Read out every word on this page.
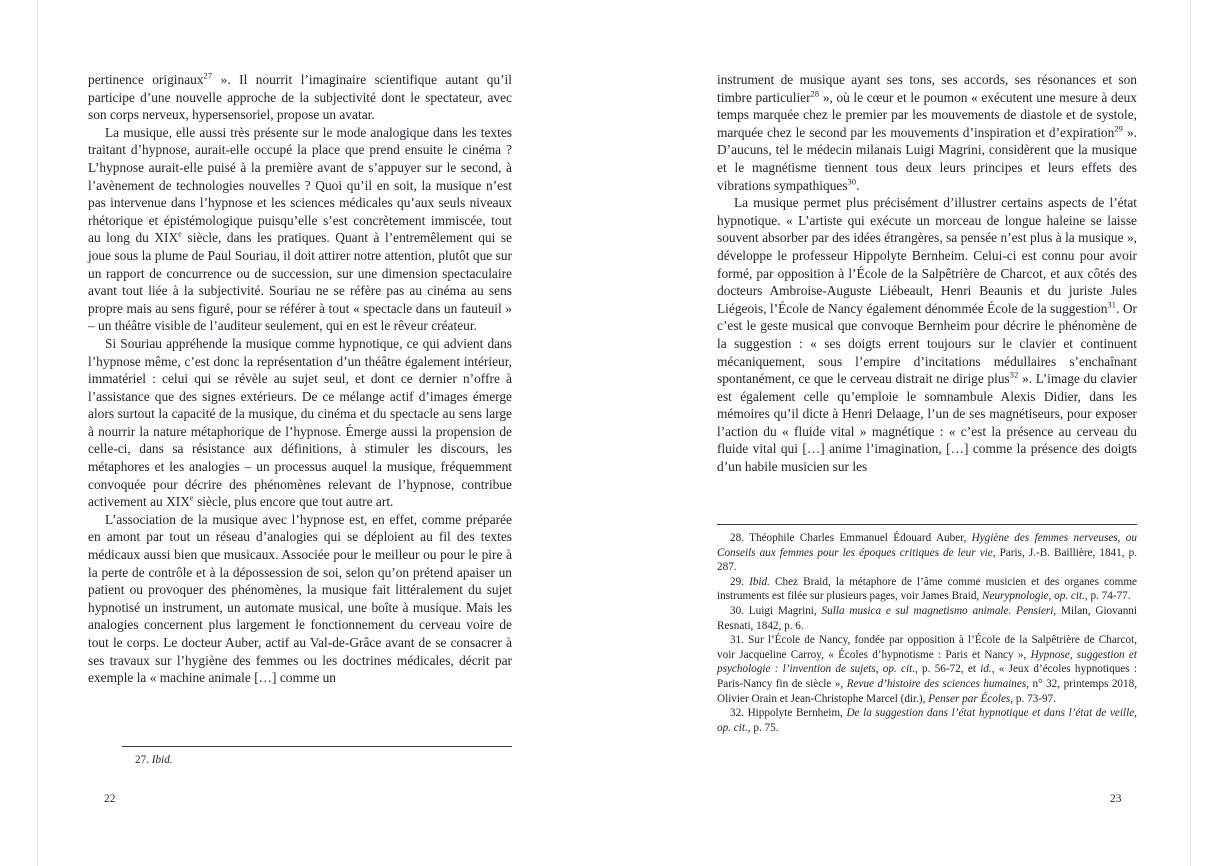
pertinence originaux$^{27}$ ». Il nourrit l’imaginaire scientifique autant qu’il participe d’une nouvelle approche de la subjectivité dont le spectateur, avec son corps nerveux, hypersensoriel, propose un avatar.

La musique, elle aussi très présente sur le mode analogique dans les textes traitant d’hypnose, aurait-elle occupé la place que prend ensuite le cinéma ? L’hypnose aurait-elle puisé à la première avant de s’appuyer sur le second, à l’avènement de technologies nouvelles ? Quoi qu’il en soit, la musique n’est pas intervenue dans l’hypnose et les sciences médicales qu’aux seuls niveaux rhétorique et épistémologique puisqu’elle s’est concrètement immiscée, tout au long du XIXe siècle, dans les pratiques. Quant à l’entremêlement qui se joue sous la plume de Paul Souriau, il doit attirer notre attention, plutôt que sur un rapport de concurrence ou de succession, sur une dimension spectaculaire avant tout liée à la subjectivité. Souriau ne se réfère pas au cinéma au sens propre mais au sens figuré, pour se référer à tout « spectacle dans un fauteuil » – un théâtre visible de l’auditeur seulement, qui en est le rêveur créateur.

Si Souriau appréhende la musique comme hypnotique, ce qui advient dans l’hypnose même, c’est donc la représentation d’un théâtre également intérieur, immatériel : celui qui se révèle au sujet seul, et dont ce dernier n’offre à l’assistance que des signes extérieurs. De ce mélange actif d’images émerge alors surtout la capacité de la musique, du cinéma et du spectacle au sens large à nourrir la nature métaphorique de l’hypnose. Émerge aussi la propension de celle-ci, dans sa résistance aux définitions, à stimuler les discours, les métaphores et les analogies – un processus auquel la musique, fréquemment convoquée pour décrire des phénomènes relevant de l’hypnose, contribue activement au XIXe siècle, plus encore que tout autre art.

L’association de la musique avec l’hypnose est, en effet, comme préparée en amont par tout un réseau d’analogies qui se déploient au fil des textes médicaux aussi bien que musicaux. Associée pour le meilleur ou pour le pire à la perte de contrôle et à la dépossession de soi, selon qu’on prétend apaiser un patient ou provoquer des phénomènes, la musique fait littéralement du sujet hypnotisé un instrument, un automate musical, une boîte à musique. Mais les analogies concernent plus largement le fonctionnement du cerveau voire de tout le corps. Le docteur Auber, actif au Val-de-Grâce avant de se consacrer à ses travaux sur l’hygiène des femmes ou les doctrines médicales, décrit par exemple la « machine animale […] comme un

27. Ibid.

22

instrument de musique ayant ses tons, ses accords, ses résonances et son timbre particulier$^{28}$ », où le cœur et le poumon « exécutent une mesure à deux temps marquée chez le premier par les mouvements de diastole et de systole, marquée chez le second par les mouvements d’inspiration et d’expiration$^{29}$ ». D’aucuns, tel le médecin milanais Luigi Magrini, considèrent que la musique et le magnétisme tiennent tous deux leurs principes et leurs effets des vibrations sympathiques$^{30}$.

La musique permet plus précisément d’illustrer certains aspects de l’état hypnotique. « L’artiste qui exécute un morceau de longue haleine se laisse souvent absorber par des idées étrangères, sa pensée n’est plus à la musique », développe le professeur Hippolyte Bernheim. Celui-ci est connu pour avoir formé, par opposition à l’École de la Salpêtrière de Charcot, et aux côtés des docteurs Ambroise-Auguste Liébeault, Henri Beaunis et du juriste Jules Liégeois, l’École de Nancy également dénommée École de la suggestion$^{31}$. Or c’est le geste musical que convoque Bernheim pour décrire le phénomène de la suggestion : « ses doigts errent toujours sur le clavier et continuent mécaniquement, sous l’empire d’incitations médullaires s’enchaînant spontanément, ce que le cerveau distrait ne dirige plus$^{32}$ ». L’image du clavier est également celle qu’emploie le somnambule Alexis Didier, dans les mémoires qu’il dicte à Henri Delaage, l’un de ses magnétiseurs, pour exposer l’action du « fluide vital » magnétique : « c’est la présence au cerveau du fluide vital qui […] anime l’imagination, […] comme la présence des doigts d’un habile musicien sur les

28. Théophile Charles Emmanuel Édouard Auber, Hygiène des femmes nerveuses, ou Conseils aux femmes pour les époques critiques de leur vie, Paris, J.-B. Baillière, 1841, p. 287.

29. Ibid. Chez Braid, la métaphore de l’âme comme musicien et des organes comme instruments est filée sur plusieurs pages, voir James Braid, Neurypnologie, op. cit., p. 74-77.

30. Luigi Magrini, Sulla musica e sul magnetismo animale. Pensieri, Milan, Giovanni Resnati, 1842, p. 6.

31. Sur l’École de Nancy, fondée par opposition à l’École de la Salpêtrière de Charcot, voir Jacqueline Carroy, « Écoles d’hypnotisme : Paris et Nancy », Hypnose, suggestion et psychologie : l’invention de sujets, op. cit., p. 56-72, et id., « Jeux d’écoles hypnotiques : Paris-Nancy fin de siècle », Revue d’histoire des sciences humaines, n° 32, printemps 2018, Olivier Orain et Jean-Christophe Marcel (dir.), Penser par Écoles, p. 73-97.

32. Hippolyte Bernheim, De la suggestion dans l’état hypnotique et dans l’état de veille, op. cit., p. 75.

23
